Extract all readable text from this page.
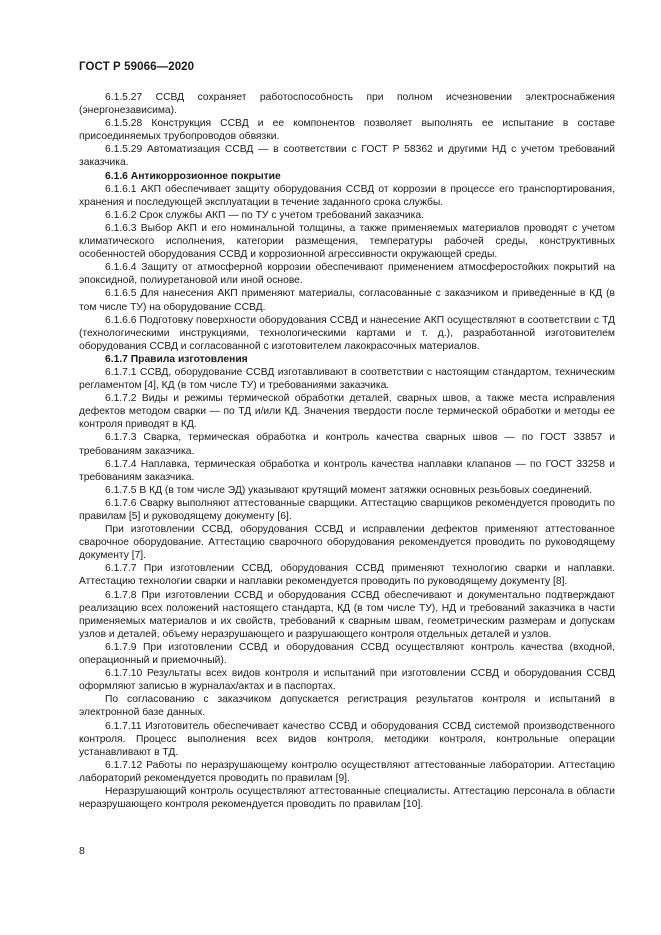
ГОСТ Р 59066—2020

6.1.5.27 ССВД сохраняет работоспособность при полном исчезновении электроснабжения (энергонезависима).

6.1.5.28 Конструкция ССВД и ее компонентов позволяет выполнять ее испытание в составе присоединяемых трубопроводов обвязки.

6.1.5.29 Автоматизация ССВД — в соответствии с ГОСТ Р 58362 и другими НД с учетом требований заказчика.

6.1.6 Антикоррозионное покрытие

6.1.6.1 АКП обеспечивает защиту оборудования ССВД от коррозии в процессе его транспортирования, хранения и последующей эксплуатации в течение заданного срока службы.

6.1.6.2 Срок службы АКП — по ТУ с учетом требований заказчика.

6.1.6.3 Выбор АКП и его номинальной толщины, а также применяемых материалов проводят с учетом климатического исполнения, категории размещения, температуры рабочей среды, конструктивных особенностей оборудования ССВД и коррозионной агрессивности окружающей среды.

6.1.6.4 Защиту от атмосферной коррозии обеспечивают применением атмосферостойких покрытий на эпоксидной, полиуретановой или иной основе.

6.1.6.5 Для нанесения АКП применяют материалы, согласованные с заказчиком и приведенные в КД (в том числе ТУ) на оборудование ССВД.

6.1.6.6 Подготовку поверхности оборудования ССВД и нанесение АКП осуществляют в соответствии с ТД (технологическими инструкциями, технологическими картами и т. д.), разработанной изготовителем оборудования ССВД и согласованной с изготовителем лакокрасочных материалов.

6.1.7 Правила изготовления

6.1.7.1 ССВД, оборудование ССВД изготавливают в соответствии с настоящим стандартом, техническим регламентом [4], КД (в том числе ТУ) и требованиями заказчика.

6.1.7.2 Виды и режимы термической обработки деталей, сварных швов, а также места исправления дефектов методом сварки — по ТД и/или КД. Значения твердости после термической обработки и методы ее контроля приводят в КД.

6.1.7.3 Сварка, термическая обработка и контроль качества сварных швов — по ГОСТ 33857 и требованиям заказчика.

6.1.7.4 Наплавка, термическая обработка и контроль качества наплавки клапанов — по ГОСТ 33258 и требованиям заказчика.

6.1.7.5 В КД (в том числе ЭД) указывают крутящий момент затяжки основных резьбовых соединений.

6.1.7.6 Сварку выполняют аттестованные сварщики. Аттестацию сварщиков рекомендуется проводить по правилам [5] и руководящему документу [6].

При изготовлении ССВД, оборудования ССВД и исправлении дефектов применяют аттестованное сварочное оборудование. Аттестацию сварочного оборудования рекомендуется проводить по руководящему документу [7].

6.1.7.7 При изготовлении ССВД, оборудования ССВД применяют технологию сварки и наплавки. Аттестацию технологии сварки и наплавки рекомендуется проводить по руководящему документу [8].

6.1.7.8 При изготовлении ССВД и оборудования ССВД обеспечивают и документально подтверждают реализацию всех положений настоящего стандарта, КД (в том числе ТУ), НД и требований заказчика в части применяемых материалов и их свойств, требований к сварным швам, геометрическим размерам и допускам узлов и деталей, объему неразрушающего и разрушающего контроля отдельных деталей и узлов.

6.1.7.9 При изготовлении ССВД и оборудования ССВД осуществляют контроль качества (входной, операционный и приемочный).

6.1.7.10 Результаты всех видов контроля и испытаний при изготовлении ССВД и оборудования ССВД оформляют записью в журналах/актах и в паспортах.

По согласованию с заказчиком допускается регистрация результатов контроля и испытаний в электронной базе данных.

6.1.7.11 Изготовитель обеспечивает качество ССВД и оборудования ССВД системой производственного контроля. Процесс выполнения всех видов контроля, методики контроля, контрольные операции устанавливают в ТД.

6.1.7.12 Работы по неразрушающему контролю осуществляют аттестованные лаборатории. Аттестацию лабораторий рекомендуется проводить по правилам [9].

Неразрушающий контроль осуществляют аттестованные специалисты. Аттестацию персонала в области неразрушающего контроля рекомендуется проводить по правилам [10].

8
